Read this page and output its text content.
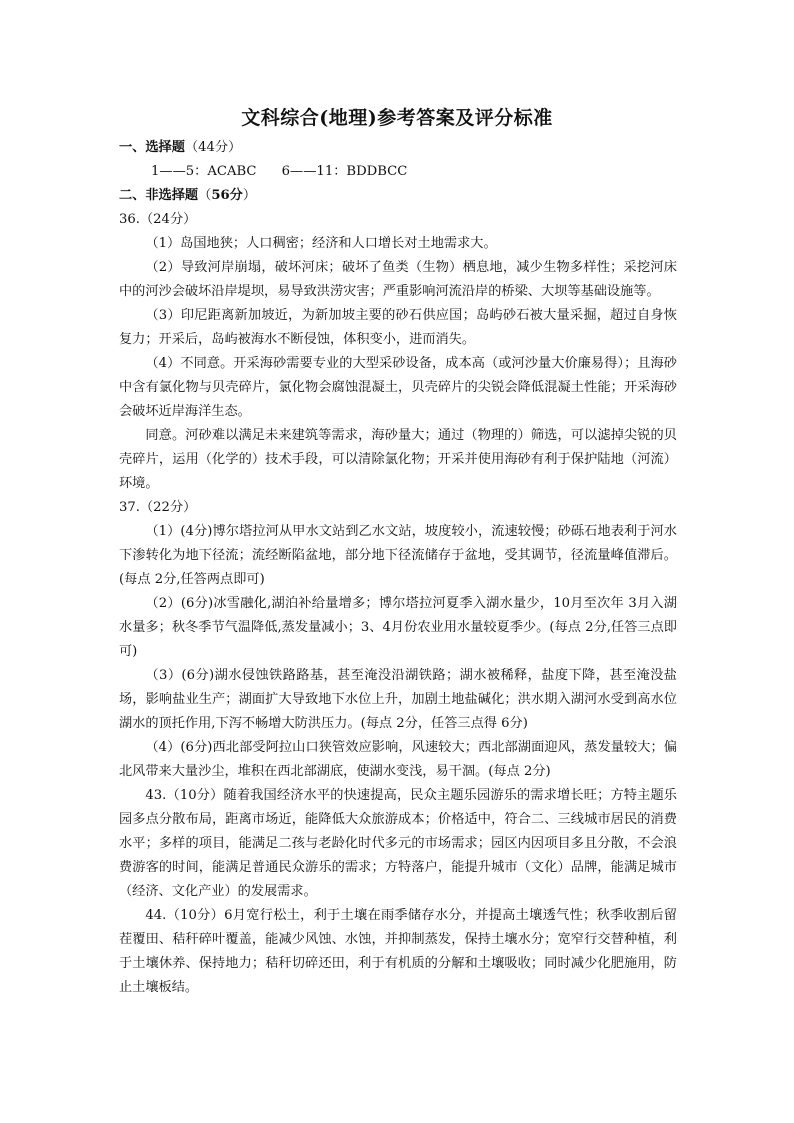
文科综合(地理)参考答案及评分标准

一、选择题（44分）

1——5：ACABC 6——11：BDDBCC

二、非选择题（56分）

36.（24分）

（1）岛国地狭；人口稠密；经济和人口增长对土地需求大。

（2）导致河岸崩塌，破坏河床；破坏了鱼类（生物）栖息地，减少生物多样性；采挖河床中的河沙会破坏沿岸堤坝，易导致洪涝灾害；严重影响河流沿岸的桥梁、大坝等基础设施等。

（3）印尼距离新加坡近，为新加坡主要的砂石供应国；岛屿砂石被大量采掘，超过自身恢复力；开采后，岛屿被海水不断侵蚀，体积变小，进而消失。

（4）不同意。开采海砂需要专业的大型采砂设备，成本高（或河沙量大价廉易得）；且海砂中含有氯化物与贝壳碎片，氯化物会腐蚀混凝土，贝壳碎片的尖锐会降低混凝土性能；开采海砂会破坏近岸海洋生态。

同意。河砂难以满足未来建筑等需求，海砂量大；通过（物理的）筛选，可以滤掉尖锐的贝壳碎片，运用（化学的）技术手段，可以清除氯化物；开采并使用海砂有利于保护陆地（河流）环境。

37.（22分）

（1）(4分)博尔塔拉河从甲水文站到乙水文站，坡度较小，流速较慢；砂砾石地表利于河水下渗转化为地下径流；流经断陷盆地，部分地下径流储存于盆地，受其调节，径流量峰值滞后。(每点 2分,任答两点即可)

（2）(6分)冰雪融化,湖泊补给量增多；博尔塔拉河夏季入湖水量少，10月至次年 3月入湖水量多；秋冬季节气温降低,蒸发量减小；3、4月份农业用水量较夏季少。(每点 2分,任答三点即可)

（3）(6分)湖水侵蚀铁路路基，甚至淹没沿湖铁路；湖水被稀释，盐度下降，甚至淹没盐场，影响盐业生产；湖面扩大导致地下水位上升，加剧土地盐碱化；洪水期入湖河水受到高水位湖水的顶托作用,下泻不畅增大防洪压力。(每点 2分，任答三点得 6分)

（4）(6分)西北部受阿拉山口狭管效应影响，风速较大；西北部湖面迎风，蒸发量较大；偏北风带来大量沙尘，堆积在西北部湖底，使湖水变浅，易干涸。(每点 2分)

43.（10分）随着我国经济水平的快速提高，民众主题乐园游乐的需求增长旺；方特主题乐园多点分散布局，距离市场近，能降低大众旅游成本；价格适中，符合二、三线城市居民的消费水平；多样的项目，能满足二孩与老龄化时代多元的市场需求；园区内因项目多且分散，不会浪费游客的时间，能满足普通民众游乐的需求；方特落户，能提升城市（文化）品牌，能满足城市（经济、文化产业）的发展需求。

44.（10分）6月宽行松土，利于土壤在雨季储存水分，并提高土壤透气性；秋季收割后留茬覆田、秸秆碎叶覆盖，能减少风蚀、水蚀，并抑制蒸发，保持土壤水分；宽窄行交替种植，利于土壤休养、保持地力；秸秆切碎还田，利于有机质的分解和土壤吸收；同时减少化肥施用，防止土壤板结。
